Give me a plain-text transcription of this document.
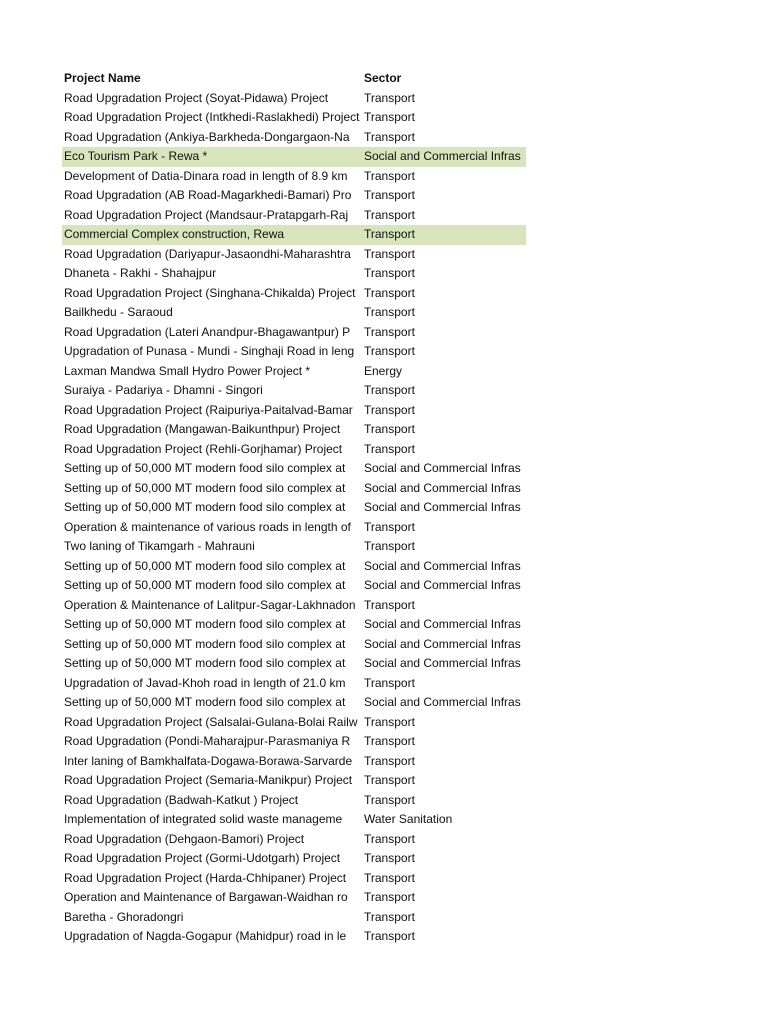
Project Name	Sector
Road Upgradation Project (Soyat-Pidawa) Project	Transport
Road Upgradation Project (Intkhedi-Raslakhedi) Project Transport
Road Upgradation (Ankiya-Barkheda-Dongargaon-Na	Transport
Eco Tourism Park - Rewa *	Social and Commercial Infras
Development of Datia-Dinara road in length of 8.9 km	Transport
Road Upgradation (AB Road-Magarkhedi-Bamari) Pro	Transport
Road Upgradation Project (Mandsaur-Pratapgarh-Raj	Transport
Commercial Complex construction, Rewa	Transport
Road Upgradation (Dariyapur-Jasaondhi-Maharashtra	Transport
Dhaneta - Rakhi - Shahajpur	Transport
Road Upgradation Project (Singhana-Chikalda) Project Transport
Bailkhedu - Saraoud	Transport
Road Upgradation (Lateri Anandpur-Bhagawantpur) P	Transport
Upgradation of Punasa - Mundi - Singhaji Road in leng Transport
Laxman Mandwa Small Hydro Power Project *	Energy
Suraiya - Padariya - Dhamni - Singori	Transport
Road Upgradation Project (Raipuriya-Paitalvad-Bamar Transport
Road Upgradation (Mangawan-Baikunthpur) Project	Transport
Road Upgradation Project (Rehli-Gorjhamar) Project	Transport
Setting up of 50,000 MT modern food silo complex at	Social and Commercial Infras
Setting up of 50,000 MT modern food silo complex at	Social and Commercial Infras
Setting up of 50,000 MT modern food silo complex at	Social and Commercial Infras
Operation & maintenance of various roads in length of	Transport
Two laning of Tikamgarh - Mahrauni	Transport
Setting up of 50,000 MT modern food silo complex at	Social and Commercial Infras
Setting up of 50,000 MT modern food silo complex at	Social and Commercial Infras
Operation & Maintenance of Lalitpur-Sagar-Lakhnadon Transport
Setting up of 50,000 MT modern food silo complex at	Social and Commercial Infras
Setting up of 50,000 MT modern food silo complex at	Social and Commercial Infras
Setting up of 50,000 MT modern food silo complex at	Social and Commercial Infras
Upgradation of Javad-Khoh road in length of 21.0 km	Transport
Setting up of 50,000 MT modern food silo complex at	Social and Commercial Infras
Road Upgradation Project (Salsalai-Gulana-Bolai Railw Transport
Road Upgradation (Pondi-Maharajpur-Parasmaniya R	Transport
Inter laning of Bamkhalfata-Dogawa-Borawa-Sarvarde Transport
Road Upgradation Project (Semaria-Manikpur) Project Transport
Road Upgradation (Badwah-Katkut ) Project	Transport
Implementation of integrated solid waste manageme	Water Sanitation
Road Upgradation (Dehgaon-Bamori) Project	Transport
Road Upgradation Project (Gormi-Udotgarh) Project	Transport
Road Upgradation Project (Harda-Chhipaner) Project	Transport
Operation and Maintenance of Bargawan-Waidhan ro	Transport
Baretha - Ghoradongri	Transport
Upgradation of Nagda-Gogapur (Mahidpur) road in le	Transport
